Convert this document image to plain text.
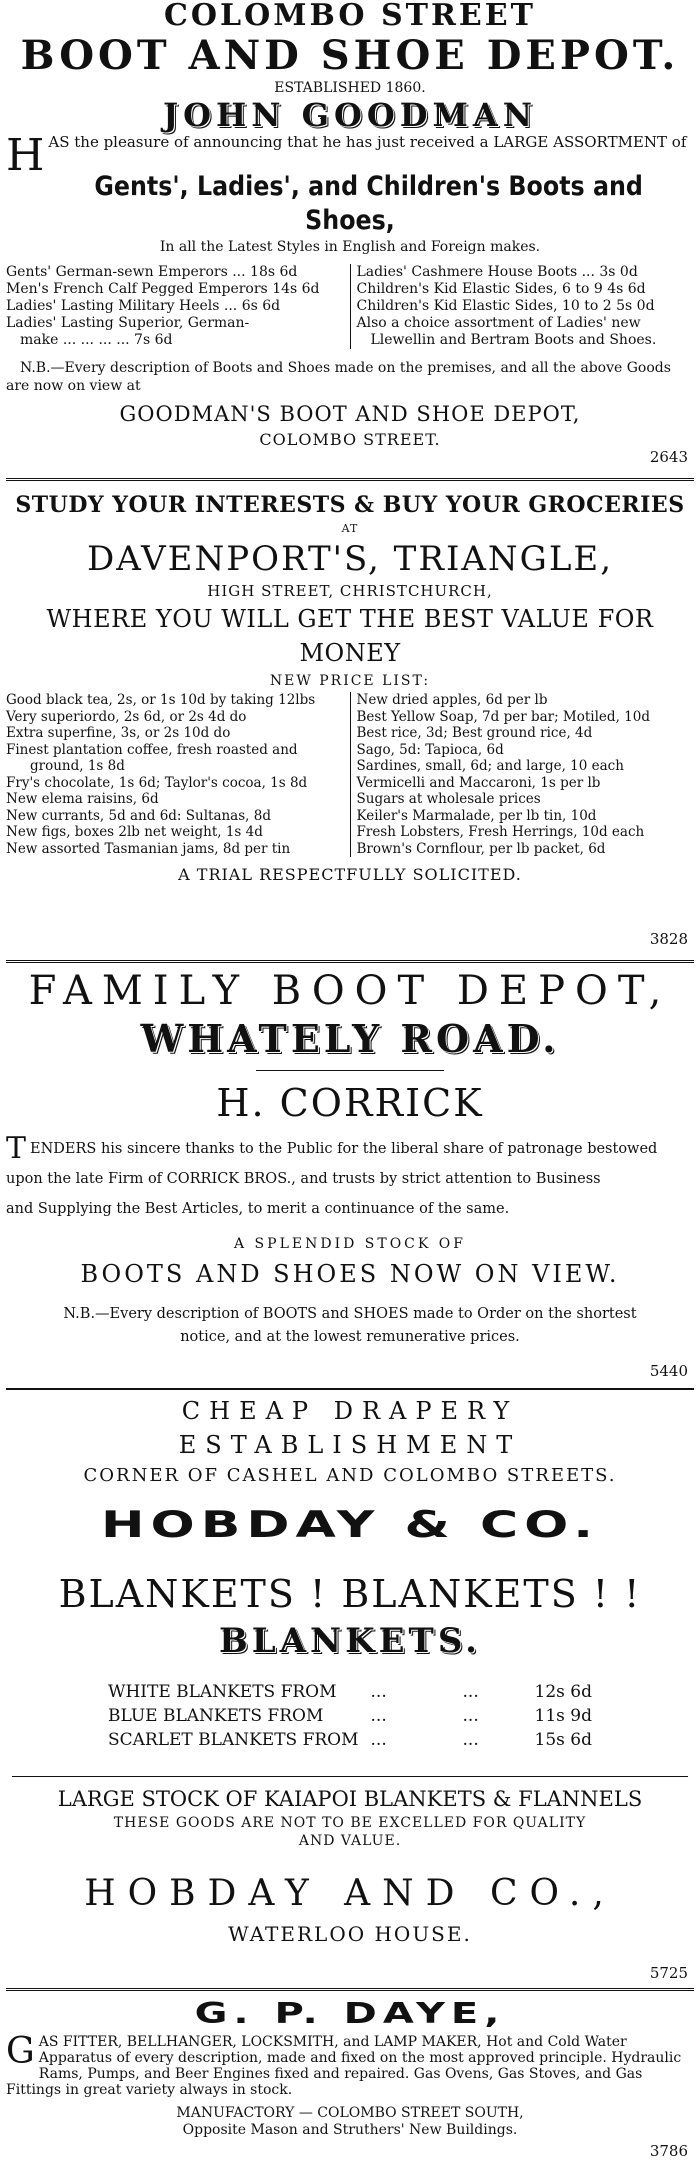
COLOMBO STREET
BOOT AND SHOE DEPOT.
ESTABLISHED 1860.
JOHN GOODMAN
HAS the pleasure of announcing that he has just received a LARGE ASSORTMENT of
Gents', Ladies', and Children's Boots and Shoes,
In all the Latest Styles in English and Foreign makes.
Gents' German-sewn Emperors ... 18s 6d
Men's French Calf Pegged Emperors 14s 6d
Ladies' Lasting Military Heels ... 6s 6d
Ladies' Lasting Superior, German-
make ... ... ... ... 7s 6d
Ladies' Cashmere House Boots ... 3s 0d
Children's Kid Elastic Sides, 6 to 9 4s 6d
Children's Kid Elastic Sides, 10 to 2 5s 0d
Also a choice assortment of Ladies' new
Llewellin and Bertram Boots and Shoes.
N.B.—Every description of Boots and Shoes made on the premises, and all the above Goods are now on view at
GOODMAN'S BOOT AND SHOE DEPOT,
COLOMBO STREET.
2643
STUDY YOUR INTERESTS & BUY YOUR GROCERIES
AT
DAVENPORT'S, TRIANGLE,
HIGH STREET, CHRISTCHURCH,
WHERE YOU WILL GET THE BEST VALUE FOR MONEY
NEW PRICE LIST:
Good black tea, 2s, or 1s 10d by taking 12lbs
Very superiordo, 2s 6d, or 2s 4d do
Extra superfine, 3s, or 2s 10d do
Finest plantation coffee, fresh roasted and
ground, 1s 8d
Fry's chocolate, 1s 6d; Taylor's cocoa, 1s 8d
New elema raisins, 6d
New currants, 5d and 6d: Sultanas, 8d
New figs, boxes 2lb net weight, 1s 4d
New assorted Tasmanian jams, 8d per tin
New dried apples, 6d per lb
Best Yellow Soap, 7d per bar; Motiled, 10d
Best rice, 3d; Best ground rice, 4d
Sago, 5d: Tapioca, 6d
Sardines, small, 6d; and large, 10 each
Vermicelli and Maccaroni, 1s per lb
Sugars at wholesale prices
Keiler's Marmalade, per lb tin, 10d
Fresh Lobsters, Fresh Herrings, 10d each
Brown's Cornflour, per lb packet, 6d
A TRIAL RESPECTFULLY SOLICITED.
3828
FAMILY BOOT DEPOT,
WHATELY ROAD.
H. CORRICK
TENDERS his sincere thanks to the Public for the liberal share of patronage bestowed
upon the late Firm of CORRICK BROS., and trusts by strict attention to Business
and Supplying the Best Articles, to merit a continuance of the same.
A SPLENDID STOCK OF
BOOTS AND SHOES NOW ON VIEW.
N.B.—Every description of BOOTS and SHOES made to Order on the shortest
notice, and at the lowest remunerative prices.
5440
CHEAP DRAPERY ESTABLISHMENT
CORNER OF CASHEL AND COLOMBO STREETS.
HOBDAY & CO.
BLANKETS ! BLANKETS ! !
BLANKETS.
WHITE BLANKETS FROM	...	...	12s 6d
BLUE BLANKETS FROM	...	...	11s 9d
SCARLET BLANKETS FROM	...	...	15s 6d
LARGE STOCK OF KAIAPOI BLANKETS & FLANNELS
THESE GOODS ARE NOT TO BE EXCELLED FOR QUALITY
AND VALUE.
HOBDAY AND CO.,
WATERLOO HOUSE.
5725
G. P. DAYE,
GAS FITTER, BELLHANGER, LOCKSMITH, and LAMP MAKER, Hot and Cold Water Apparatus of every description, made and fixed on the most approved principle. Hydraulic Rams, Pumps, and Beer Engines fixed and repaired. Gas Ovens, Gas Stoves, and Gas Fittings in great variety always in stock.
MANUFACTORY — COLOMBO STREET SOUTH,
Opposite Mason and Struthers' New Buildings.
3786
